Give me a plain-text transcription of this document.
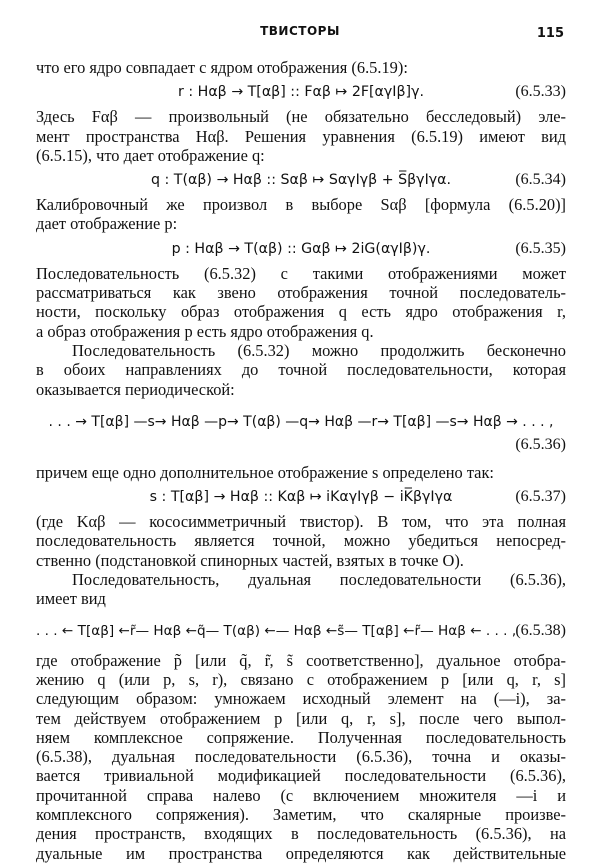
ТВИСТОРЫ	115
что его ядро совпадает с ядром отображения (6.5.19):
r : Hαβ → T[αβ] :: Fαβ ↦ 2F[αγIβ]γ.	(6.5.33)
Здесь Fαβ — произвольный (не обязательно бесследовый) эле-
мент пространства Hαβ. Решения уравнения (6.5.19) имеют вид
(6.5.15), что дает отображение q:
q : T(αβ) → Hαβ :: Sαβ ↦ SαγIγβ + S̅βγIγα.	(6.5.34)
Калибровочный же произвол в выборе Sαβ [формула (6.5.20)]
дает отображение p:
p : Hαβ → T(αβ) :: Gαβ ↦ 2iG(αγIβ)γ.	(6.5.35)
Последовательность (6.5.32) с такими отображениями может
рассматриваться как звено отображения точной последователь-
ности, поскольку образ отображения q есть ядро отображения r,
а образ отображения p есть ядро отображения q.
Последовательность (6.5.32) можно продолжить бесконечно
в обоих направлениях до точной последовательности, которая
оказывается периодической:
. . . → T[αβ] —s→ Hαβ —p→ T(αβ) —q→ Hαβ —r→ T[αβ] —s→ Hαβ → . . . ,
(6.5.36)
причем еще одно дополнительное отображение s определено так:
s : T[αβ] → Hαβ :: Kαβ ↦ iKαγIγβ − iK̅βγIγα	(6.5.37)
(где Kαβ — кососимметричный твистор). В том, что эта полная
последовательность является точной, можно убедиться непосред-
ственно (подстановкой спинорных частей, взятых в точке O).
Последовательность, дуальная последовательности (6.5.36),
имеет вид
. . . ← T[αβ] ←r̃— Hαβ ←q̃— T(αβ) ←— Hαβ ←s̃— T[αβ] ←r̃— Hαβ ← . . . , (6.5.38)
где отображение p̃ [или q̃, r̃, s̃ соответственно], дуальное отобра-
жению q (или p, s, r), связано с отображением p [или q, r, s]
следующим образом: умножаем исходный элемент на (—i), за-
тем действуем отображением p [или q, r, s], после чего выпол-
няем комплексное сопряжение. Полученная последовательность
(6.5.38), дуальная последовательности (6.5.36), точна и оказы-
вается тривиальной модификацией последовательности (6.5.36),
прочитанной справа налево (с включением множителя —i и
комплексного сопряжения). Заметим, что скалярные произве-
дения пространств, входящих в последовательность (6.5.36), на
дуальные им пространства определяются как действительные
